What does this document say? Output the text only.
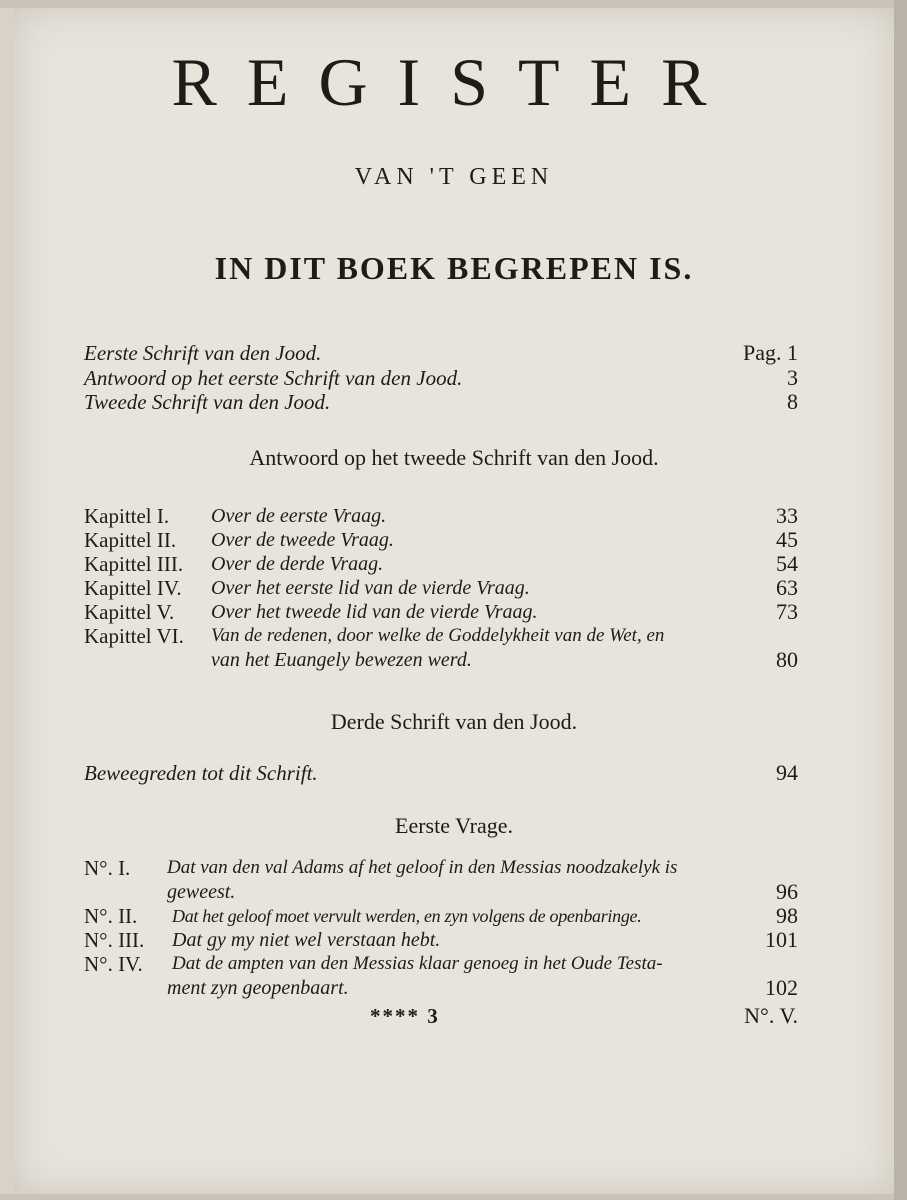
REGISTER
VAN 'T GEEN
IN DIT BOEK BEGREPEN IS.
Eerste Schrift van den Jood.	Pag. 1
Antwoord op het eerste Schrift van den Jood.	3
Tweede Schrift van den Jood.	8
Antwoord op het tweede Schrift van den Jood.
Kapittel I. Over de eerste Vraag.	33
Kapittel II. Over de tweede Vraag.	45
Kapittel III. Over de derde Vraag.	54
Kapittel IV. Over het eerste lid van de vierde Vraag.	63
Kapittel V. Over het tweede lid van de vierde Vraag.	73
Kapittel VI. Van de redenen, door welke de Goddelykheit van de Wet, en
van het Euangely bewezen werd.	80
Derde Schrift van den Jood.
Beweegreden tot dit Schrift.	94
Eerste Vrage.
N°. I. Dat van den val Adams af het geloof in den Messias noodzakelyk is
geweest.	96
N°. II. Dat het geloof moet vervult werden, en zyn volgens de openbaringe.	98
N°. III. Dat gy my niet wel verstaan hebt.	101
N°. IV. Dat de ampten van den Messias klaar genoeg in het Oude Testa-
ment zyn geopenbaart.	102
**** 3	N°. V.
